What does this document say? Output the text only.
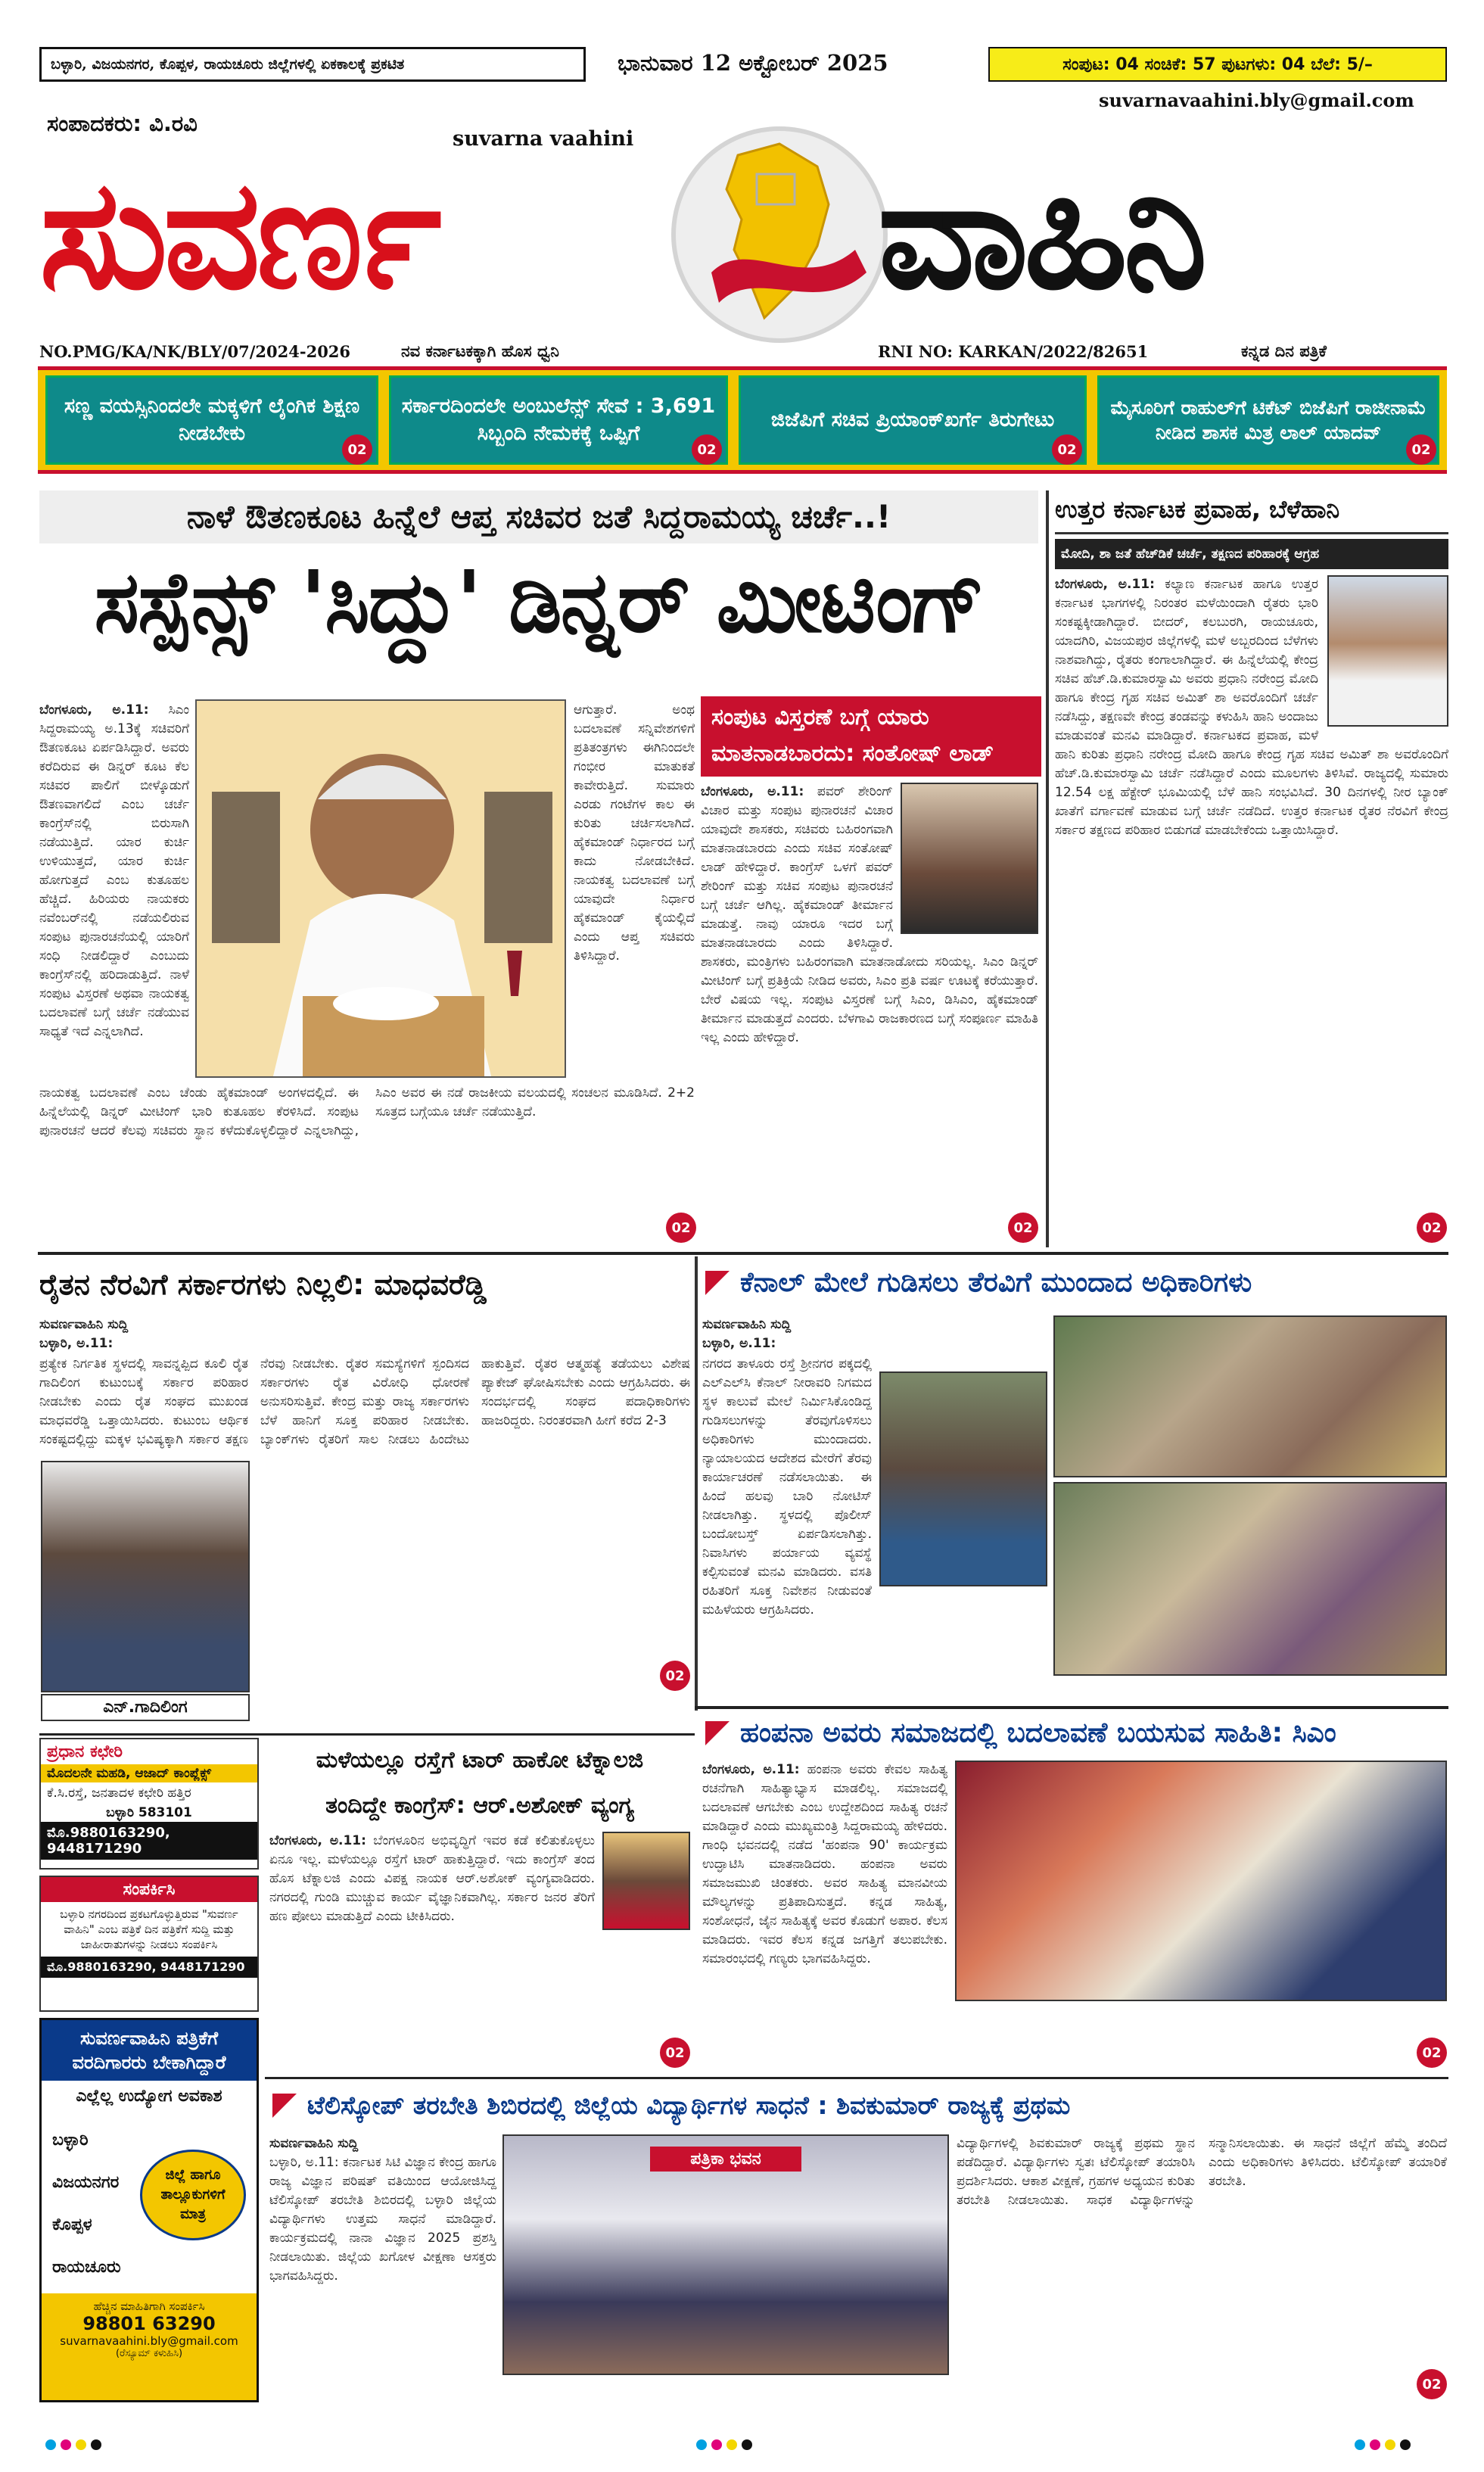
ಬಳ್ಳಾರಿ, ವಿಜಯನಗರ, ಕೊಪ್ಪಳ, ರಾಯಚೂರು ಜಿಲ್ಲೆಗಳಲ್ಲಿ ಏಕಕಾಲಕ್ಕೆ ಪ್ರಕಟಿತ	ಭಾನುವಾರ 12 ಅಕ್ಟೋಬರ್ 2025	ಸಂಪುಟ: 04 ಸಂಚಿಕೆ: 57 ಪುಟಗಳು: 04 ಬೆಲೆ: 5/–
suvarnavaahini.bly@gmail.com
ಸಂಪಾದಕರು: ವಿ.ರವಿ
suvarna vaahini
ಸುವರ್ಣ	ವಾಹಿನಿ
NO.PMG/KA/NK/BLY/07/2024-2026	ನವ ಕರ್ನಾಟಕಕ್ಕಾಗಿ ಹೊಸ ಧ್ವನಿ	RNI NO: KARKAN/2022/82651	ಕನ್ನಡ ದಿನ ಪತ್ರಿಕೆ
ಸಣ್ಣ ವಯಸ್ಸಿನಿಂದಲೇ ಮಕ್ಕಳಿಗೆ ಲೈಂಗಿಕ ಶಿಕ್ಷಣ ನೀಡಬೇಕು
02
ಸರ್ಕಾರದಿಂದಲೇ ಅಂಬುಲೆನ್ಸ್ ಸೇವೆ : 3,691 ಸಿಬ್ಬಂದಿ ನೇಮಕಕ್ಕೆ ಒಪ್ಪಿಗೆ
02
ಜಿಜೆಪಿಗೆ ಸಚಿವ ಪ್ರಿಯಾಂಕ್‌ಖರ್ಗೆ ತಿರುಗೇಟು
02
ಮೈಸೂರಿಗೆ ರಾಹುಲ್‌ಗೆ ಟಿಕೆಟ್ ಬಿಜೆಪಿಗೆ ರಾಜೀನಾಮೆ ನೀಡಿದ ಶಾಸಕ ಮಿತ್ರ ಲಾಲ್ ಯಾದವ್
02
ನಾಳೆ ಔತಣಕೂಟ ಹಿನ್ನೆಲೆ ಆಪ್ತ ಸಚಿವರ ಜತೆ ಸಿದ್ದರಾಮಯ್ಯ ಚರ್ಚೆ..!
ಸಸ್ಪೆನ್ಸ್ 'ಸಿದ್ದು' ಡಿನ್ನರ್ ಮೀಟಿಂಗ್
ಬೆಂಗಳೂರು, ಅ.11: ಸಿಎಂ ಸಿದ್ದರಾಮಯ್ಯ ಅ.13ಕ್ಕೆ ಸಚಿವರಿಗೆ ಔತಣಕೂಟ ಏರ್ಪಡಿಸಿದ್ದಾರೆ. ಅವರು ಕರೆದಿರುವ ಈ ಡಿನ್ನರ್ ಕೂಟ ಕೆಲ ಸಚಿವರ ಪಾಲಿಗೆ ಬೀಳ್ಕೊಡುಗೆ ಔತಣವಾಗಲಿದೆ ಎಂಬ ಚರ್ಚೆ ಕಾಂಗ್ರೆಸ್‌ನಲ್ಲಿ ಬಿರುಸಾಗಿ ನಡೆಯುತ್ತಿದೆ. ಯಾರ ಕುರ್ಚಿ ಉಳಿಯುತ್ತದೆ, ಯಾರ ಕುರ್ಚಿ ಹೋಗುತ್ತದೆ ಎಂಬ ಕುತೂಹಲ ಹೆಚ್ಚಿದೆ. ಹಿರಿಯರು ನಾಯಕರು ನವೆಂಬರ್‌ನಲ್ಲಿ ನಡೆಯಲಿರುವ ಸಂಪುಟ ಪುನಾರಚನೆಯಲ್ಲಿ ಯಾರಿಗೆ ಸಂಧಿ ನೀಡಲಿದ್ದಾರೆ ಎಂಬುದು ಕಾಂಗ್ರೆಸ್‌ನಲ್ಲಿ ಹರಿದಾಡುತ್ತಿದೆ. ನಾಳೆ ಸಂಪುಟ ವಿಸ್ತರಣೆ ಅಥವಾ ನಾಯಕತ್ವ ಬದಲಾವಣೆ ಬಗ್ಗೆ ಚರ್ಚೆ ನಡೆಯುವ ಸಾಧ್ಯತೆ ಇದೆ ಎನ್ನಲಾಗಿದೆ.
ಆಗುತ್ತಾರೆ. ಅಂಥ ಬದಲಾವಣೆ ಸನ್ನಿವೇಶಗಳಿಗೆ ಪ್ರತಿತಂತ್ರಗಳು ಈಗಿನಿಂದಲೇ ಗಂಭೀರ ಮಾತುಕತೆ ಕಾವೇರುತ್ತಿದೆ. ಸುಮಾರು ಎರಡು ಗಂಟೆಗಳ ಕಾಲ ಈ ಕುರಿತು ಚರ್ಚಿಸಲಾಗಿದೆ. ಹೈಕಮಾಂಡ್ ನಿರ್ಧಾರದ ಬಗ್ಗೆ ಕಾದು ನೋಡಬೇಕಿದೆ. ನಾಯಕತ್ವ ಬದಲಾವಣೆ ಬಗ್ಗೆ ಯಾವುದೇ ನಿರ್ಧಾರ ಹೈಕಮಾಂಡ್ ಕೈಯಲ್ಲಿದೆ ಎಂದು ಆಪ್ತ ಸಚಿವರು ತಿಳಿಸಿದ್ದಾರೆ.
ನಾಯಕತ್ವ ಬದಲಾವಣೆ ಎಂಬ ಚೆಂಡು ಹೈಕಮಾಂಡ್ ಅಂಗಳದಲ್ಲಿದೆ. ಈ ಹಿನ್ನೆಲೆಯಲ್ಲಿ ಡಿನ್ನರ್ ಮೀಟಿಂಗ್ ಭಾರಿ ಕುತೂಹಲ ಕೆರಳಿಸಿದೆ. ಸಂಪುಟ ಪುನಾರಚನೆ ಆದರೆ ಕೆಲವು ಸಚಿವರು ಸ್ಥಾನ ಕಳೆದುಕೊಳ್ಳಲಿದ್ದಾರೆ ಎನ್ನಲಾಗಿದ್ದು, ಸಿಎಂ ಅವರ ಈ ನಡೆ ರಾಜಕೀಯ ವಲಯದಲ್ಲಿ ಸಂಚಲನ ಮೂಡಿಸಿದೆ. 2+2 ಸೂತ್ರದ ಬಗ್ಗೆಯೂ ಚರ್ಚೆ ನಡೆಯುತ್ತಿದೆ.
02
ಸಂಪುಟ ವಿಸ್ತರಣೆ ಬಗ್ಗೆ ಯಾರು ಮಾತನಾಡಬಾರದು: ಸಂತೋಷ್ ಲಾಡ್
ಬೆಂಗಳೂರು, ಅ.11: ಪವರ್ ಶೇರಿಂಗ್ ವಿಚಾರ ಮತ್ತು ಸಂಪುಟ ಪುನಾರಚನೆ ವಿಚಾರ ಯಾವುದೇ ಶಾಸಕರು, ಸಚಿವರು ಬಹಿರಂಗವಾಗಿ ಮಾತನಾಡಬಾರದು ಎಂದು ಸಚಿವ ಸಂತೋಷ್ ಲಾಡ್ ಹೇಳಿದ್ದಾರೆ. ಕಾಂಗ್ರೆಸ್ ಒಳಗೆ ಪವರ್ ಶೇರಿಂಗ್ ಮತ್ತು ಸಚಿವ ಸಂಪುಟ ಪುನಾರಚನೆ ಬಗ್ಗೆ ಚರ್ಚೆ ಆಗಿಲ್ಲ. ಹೈಕಮಾಂಡ್ ತೀರ್ಮಾನ ಮಾಡುತ್ತೆ. ನಾವು ಯಾರೂ ಇದರ ಬಗ್ಗೆ ಮಾತನಾಡಬಾರದು ಎಂದು ತಿಳಿಸಿದ್ದಾರೆ. ಶಾಸಕರು, ಮಂತ್ರಿಗಳು ಬಹಿರಂಗವಾಗಿ ಮಾತನಾಡೋದು ಸರಿಯಲ್ಲ. ಸಿಎಂ ಡಿನ್ನರ್ ಮೀಟಿಂಗ್ ಬಗ್ಗೆ ಪ್ರತಿಕ್ರಿಯೆ ನೀಡಿದ ಅವರು, ಸಿಎಂ ಪ್ರತಿ ವರ್ಷ ಊಟಕ್ಕೆ ಕರೆಯುತ್ತಾರೆ. ಬೇರೆ ವಿಷಯ ಇಲ್ಲ. ಸಂಪುಟ ವಿಸ್ತರಣೆ ಬಗ್ಗೆ ಸಿಎಂ, ಡಿಸಿಎಂ, ಹೈಕಮಾಂಡ್ ತೀರ್ಮಾನ ಮಾಡುತ್ತದೆ ಎಂದರು. ಬೆಳಗಾವಿ ರಾಜಕಾರಣದ ಬಗ್ಗೆ ಸಂಪೂರ್ಣ ಮಾಹಿತಿ ಇಲ್ಲ ಎಂದು ಹೇಳಿದ್ದಾರೆ.
02
ಉತ್ತರ ಕರ್ನಾಟಕ ಪ್ರವಾಹ, ಬೆಳೆಹಾನಿ
ಮೋದಿ, ಶಾ ಜತೆ ಹೆಚ್‌ಡಿಕೆ ಚರ್ಚೆ, ತಕ್ಷಣದ ಪರಿಹಾರಕ್ಕೆ ಆಗ್ರಹ
ಬೆಂಗಳೂರು, ಅ.11: ಕಲ್ಯಾಣ ಕರ್ನಾಟಕ ಹಾಗೂ ಉತ್ತರ ಕರ್ನಾಟಕ ಭಾಗಗಳಲ್ಲಿ ನಿರಂತರ ಮಳೆಯಿಂದಾಗಿ ರೈತರು ಭಾರಿ ಸಂಕಷ್ಟಕ್ಕೀಡಾಗಿದ್ದಾರೆ. ಬೀದರ್, ಕಲಬುರಗಿ, ರಾಯಚೂರು, ಯಾದಗಿರಿ, ವಿಜಯಪುರ ಜಿಲ್ಲೆಗಳಲ್ಲಿ ಮಳೆ ಅಬ್ಬರದಿಂದ ಬೆಳೆಗಳು ನಾಶವಾಗಿದ್ದು, ರೈತರು ಕಂಗಾಲಾಗಿದ್ದಾರೆ. ಈ ಹಿನ್ನೆಲೆಯಲ್ಲಿ ಕೇಂದ್ರ ಸಚಿವ ಹೆಚ್.ಡಿ.ಕುಮಾರಸ್ವಾಮಿ ಅವರು ಪ್ರಧಾನಿ ನರೇಂದ್ರ ಮೋದಿ ಹಾಗೂ ಕೇಂದ್ರ ಗೃಹ ಸಚಿವ ಅಮಿತ್ ಶಾ ಅವರೊಂದಿಗೆ ಚರ್ಚೆ ನಡೆಸಿದ್ದು, ತಕ್ಷಣವೇ ಕೇಂದ್ರ ತಂಡವನ್ನು ಕಳುಹಿಸಿ ಹಾನಿ ಅಂದಾಜು ಮಾಡುವಂತೆ ಮನವಿ ಮಾಡಿದ್ದಾರೆ. ಕರ್ನಾಟಕದ ಪ್ರವಾಹ, ಮಳೆ ಹಾನಿ ಕುರಿತು ಪ್ರಧಾನಿ ನರೇಂದ್ರ ಮೋದಿ ಹಾಗೂ ಕೇಂದ್ರ ಗೃಹ ಸಚಿವ ಅಮಿತ್ ಶಾ ಅವರೊಂದಿಗೆ ಹೆಚ್.ಡಿ.ಕುಮಾರಸ್ವಾಮಿ ಚರ್ಚೆ ನಡೆಸಿದ್ದಾರೆ ಎಂದು ಮೂಲಗಳು ತಿಳಿಸಿವೆ. ರಾಜ್ಯದಲ್ಲಿ ಸುಮಾರು 12.54 ಲಕ್ಷ ಹೆಕ್ಟೇರ್ ಭೂಮಿಯಲ್ಲಿ ಬೆಳೆ ಹಾನಿ ಸಂಭವಿಸಿದೆ. 30 ದಿನಗಳಲ್ಲಿ ನೀರ ಬ್ಯಾಂಕ್ ಖಾತೆಗೆ ವರ್ಗಾವಣೆ ಮಾಡುವ ಬಗ್ಗೆ ಚರ್ಚೆ ನಡೆದಿದೆ. ಉತ್ತರ ಕರ್ನಾಟಕ ರೈತರ ನೆರವಿಗೆ ಕೇಂದ್ರ ಸರ್ಕಾರ ತಕ್ಷಣದ ಪರಿಹಾರ ಬಿಡುಗಡೆ ಮಾಡಬೇಕೆಂದು ಒತ್ತಾಯಿಸಿದ್ದಾರೆ.
02
ರೈತನ ನೆರವಿಗೆ ಸರ್ಕಾರಗಳು ನಿಲ್ಲಲಿ: ಮಾಧವರೆಡ್ಡಿ
ಸುವರ್ಣವಾಹಿನಿ ಸುದ್ದಿ
ಬಳ್ಳಾರಿ, ಅ.11:
ಪ್ರತ್ಯೇಕ ನಿರ್ಗತಿಕ ಸ್ಥಳದಲ್ಲಿ ಸಾವನ್ನಪ್ಪಿದ ಕೂಲಿ ರೈತ ಗಾದಿಲಿಂಗ ಕುಟುಂಬಕ್ಕೆ ಸರ್ಕಾರ ಪರಿಹಾರ ನೀಡಬೇಕು ಎಂದು ರೈತ ಸಂಘದ ಮುಖಂಡ ಮಾಧವರೆಡ್ಡಿ ಒತ್ತಾಯಿಸಿದರು. ಕುಟುಂಬ ಆರ್ಥಿಕ ಸಂಕಷ್ಟದಲ್ಲಿದ್ದು ಮಕ್ಕಳ ಭವಿಷ್ಯಕ್ಕಾಗಿ ಸರ್ಕಾರ ತಕ್ಷಣ ನೆರವು ನೀಡಬೇಕು. ರೈತರ ಸಮಸ್ಯೆಗಳಿಗೆ ಸ್ಪಂದಿಸದ ಸರ್ಕಾರಗಳು ರೈತ ವಿರೋಧಿ ಧೋರಣೆ ಅನುಸರಿಸುತ್ತಿವೆ. ಕೇಂದ್ರ ಮತ್ತು ರಾಜ್ಯ ಸರ್ಕಾರಗಳು ಬೆಳೆ ಹಾನಿಗೆ ಸೂಕ್ತ ಪರಿಹಾರ ನೀಡಬೇಕು. ಬ್ಯಾಂಕ್‌ಗಳು ರೈತರಿಗೆ ಸಾಲ ನೀಡಲು ಹಿಂದೇಟು ಹಾಕುತ್ತಿವೆ. ರೈತರ ಆತ್ಮಹತ್ಯೆ ತಡೆಯಲು ವಿಶೇಷ ಪ್ಯಾಕೇಜ್ ಘೋಷಿಸಬೇಕು ಎಂದು ಆಗ್ರಹಿಸಿದರು. ಈ ಸಂದರ್ಭದಲ್ಲಿ ಸಂಘದ ಪದಾಧಿಕಾರಿಗಳು ಹಾಜರಿದ್ದರು. ನಿರಂತರವಾಗಿ ಹೀಗೆ ಕರೆದ 2-3
ಎನ್.ಗಾದಿಲಿಂಗ
02
ಕೆನಾಲ್ ಮೇಲೆ ಗುಡಿಸಲು ತೆರವಿಗೆ ಮುಂದಾದ ಅಧಿಕಾರಿಗಳು
ಸುವರ್ಣವಾಹಿನಿ ಸುದ್ದಿ
ಬಳ್ಳಾರಿ, ಅ.11:
ನಗರದ ತಾಳೂರು ರಸ್ತೆ ಶ್ರೀನಗರ ಪಕ್ಕದಲ್ಲಿ ಎಲ್‌ಎಲ್‌ಸಿ ಕೆನಾಲ್ ನೀರಾವರಿ ನಿಗಮದ ಸ್ಥಳ ಕಾಲುವೆ ಮೇಲೆ ನಿರ್ಮಿಸಿಕೊಂಡಿದ್ದ ಗುಡಿಸಲುಗಳನ್ನು ತೆರವುಗೊಳಿಸಲು ಅಧಿಕಾರಿಗಳು ಮುಂದಾದರು. ನ್ಯಾಯಾಲಯದ ಆದೇಶದ ಮೇರೆಗೆ ತೆರವು ಕಾರ್ಯಾಚರಣೆ ನಡೆಸಲಾಯಿತು. ಈ ಹಿಂದೆ ಹಲವು ಬಾರಿ ನೋಟಿಸ್ ನೀಡಲಾಗಿತ್ತು. ಸ್ಥಳದಲ್ಲಿ ಪೊಲೀಸ್ ಬಂದೋಬಸ್ತ್ ಏರ್ಪಡಿಸಲಾಗಿತ್ತು. ನಿವಾಸಿಗಳು ಪರ್ಯಾಯ ವ್ಯವಸ್ಥೆ ಕಲ್ಪಿಸುವಂತೆ ಮನವಿ ಮಾಡಿದರು. ವಸತಿ ರಹಿತರಿಗೆ ಸೂಕ್ತ ನಿವೇಶನ ನೀಡುವಂತೆ ಮಹಿಳೆಯರು ಆಗ್ರಹಿಸಿದರು.
ಹಂಪನಾ ಅವರು ಸಮಾಜದಲ್ಲಿ ಬದಲಾವಣೆ ಬಯಸುವ ಸಾಹಿತಿ: ಸಿಎಂ
ಬೆಂಗಳೂರು, ಅ.11: ಹಂಪನಾ ಅವರು ಕೇವಲ ಸಾಹಿತ್ಯ ರಚನೆಗಾಗಿ ಸಾಹಿತ್ಯಾಭ್ಯಾಸ ಮಾಡಲಿಲ್ಲ. ಸಮಾಜದಲ್ಲಿ ಬದಲಾವಣೆ ಆಗಬೇಕು ಎಂಬ ಉದ್ದೇಶದಿಂದ ಸಾಹಿತ್ಯ ರಚನೆ ಮಾಡಿದ್ದಾರೆ ಎಂದು ಮುಖ್ಯಮಂತ್ರಿ ಸಿದ್ದರಾಮಯ್ಯ ಹೇಳಿದರು. ಗಾಂಧಿ ಭವನದಲ್ಲಿ ನಡೆದ 'ಹಂಪನಾ 90' ಕಾರ್ಯಕ್ರಮ ಉದ್ಘಾಟಿಸಿ ಮಾತನಾಡಿದರು. ಹಂಪನಾ ಅವರು ಸಮಾಜಮುಖಿ ಚಿಂತಕರು. ಅವರ ಸಾಹಿತ್ಯ ಮಾನವೀಯ ಮೌಲ್ಯಗಳನ್ನು ಪ್ರತಿಪಾದಿಸುತ್ತದೆ. ಕನ್ನಡ ಸಾಹಿತ್ಯ, ಸಂಶೋಧನೆ, ಜೈನ ಸಾಹಿತ್ಯಕ್ಕೆ ಅವರ ಕೊಡುಗೆ ಅಪಾರ. ಕೆಲಸ ಮಾಡಿದರು. ಇವರ ಕೆಲಸ ಕನ್ನಡ ಜಗತ್ತಿಗೆ ತಲುಪಬೇಕು. ಸಮಾರಂಭದಲ್ಲಿ ಗಣ್ಯರು ಭಾಗವಹಿಸಿದ್ದರು.
02
ಮಳೆಯಲ್ಲೂ ರಸ್ತೆಗೆ ಟಾರ್ ಹಾಕೋ ಟೆಕ್ನಾಲಜಿ
ತಂದಿದ್ದೇ ಕಾಂಗ್ರೆಸ್: ಆರ್.ಅಶೋಕ್ ವ್ಯಂಗ್ಯ
ಬೆಂಗಳೂರು, ಅ.11: ಬೆಂಗಳೂರಿನ ಅಭಿವೃದ್ಧಿಗೆ ಇವರ ಕಡೆ ಕಲಿತುಕೊಳ್ಳಲು ಏನೂ ಇಲ್ಲ. ಮಳೆಯಲ್ಲೂ ರಸ್ತೆಗೆ ಟಾರ್ ಹಾಕುತ್ತಿದ್ದಾರೆ. ಇದು ಕಾಂಗ್ರೆಸ್ ತಂದ ಹೊಸ ಟೆಕ್ನಾಲಜಿ ಎಂದು ವಿಪಕ್ಷ ನಾಯಕ ಆರ್.ಅಶೋಕ್ ವ್ಯಂಗ್ಯವಾಡಿದರು. ನಗರದಲ್ಲಿ ಗುಂಡಿ ಮುಚ್ಚುವ ಕಾರ್ಯ ವೈಜ್ಞಾನಿಕವಾಗಿಲ್ಲ. ಸರ್ಕಾರ ಜನರ ತೆರಿಗೆ ಹಣ ಪೋಲು ಮಾಡುತ್ತಿದೆ ಎಂದು ಟೀಕಿಸಿದರು.
02
ಪ್ರಧಾನ ಕಛೇರಿ
ಮೊದಲನೇ ಮಹಡಿ, ಆಜಾದ್ ಕಾಂಪ್ಲೆಕ್ಸ್
ಕೆ.ಸಿ.ರಸ್ತೆ, ಜನತಾದಳ ಕಛೇರಿ ಹತ್ತಿರ
ಬಳ್ಳಾರಿ 583101
ಮೊ.9880163290, 9448171290
ಸಂಪರ್ಕಿಸಿ
ಬಳ್ಳಾರಿ ನಗರದಿಂದ ಪ್ರಕಟಗೊಳ್ಳುತ್ತಿರುವ "ಸುವರ್ಣ ವಾಹಿನಿ" ಎಂಬ ಪತ್ರಿಕೆ ದಿನ ಪತ್ರಿಕೆಗೆ ಸುದ್ದಿ ಮತ್ತು ಜಾಹೀರಾತುಗಳನ್ನು ನೀಡಲು ಸಂಪರ್ಕಿಸಿ
ಮೊ.9880163290, 9448171290
ಸುವರ್ಣವಾಹಿನಿ ಪತ್ರಿಕೆಗೆ
ವರದಿಗಾರರು ಬೇಕಾಗಿದ್ದಾರೆ
ಎಲ್ಲೆಲ್ಲ ಉದ್ಯೋಗ ಅವಕಾಶ
ಬಳ್ಳಾರಿ
ವಿಜಯನಗರ
ಕೊಪ್ಪಳ
ರಾಯಚೂರು
ಜಿಲ್ಲೆ ಹಾಗೂ ತಾಲ್ಲೂಕುಗಳಿಗೆ ಮಾತ್ರ
ಹೆಚ್ಚಿನ ಮಾಹಿತಿಗಾಗಿ ಸಂಪರ್ಕಿಸಿ
98801 63290
suvarnavaahini.bly@gmail.com
(ರೆಸ್ಯೂಮ್ ಕಳುಹಿಸಿ)
ಟೆಲಿಸ್ಕೋಪ್ ತರಬೇತಿ ಶಿಬಿರದಲ್ಲಿ ಜಿಲ್ಲೆಯ ವಿದ್ಯಾರ್ಥಿಗಳ ಸಾಧನೆ : ಶಿವಕುಮಾರ್ ರಾಜ್ಯಕ್ಕೆ ಪ್ರಥಮ
ಸುವರ್ಣವಾಹಿನಿ ಸುದ್ದಿ
ಬಳ್ಳಾರಿ, ಅ.11: ಕರ್ನಾಟಕ ಸಿಟಿ ವಿಜ್ಞಾನ ಕೇಂದ್ರ ಹಾಗೂ ರಾಜ್ಯ ವಿಜ್ಞಾನ ಪರಿಷತ್ ವತಿಯಿಂದ ಆಯೋಜಿಸಿದ್ದ ಟೆಲಿಸ್ಕೋಪ್ ತರಬೇತಿ ಶಿಬಿರದಲ್ಲಿ ಬಳ್ಳಾರಿ ಜಿಲ್ಲೆಯ ವಿದ್ಯಾರ್ಥಿಗಳು ಉತ್ತಮ ಸಾಧನೆ ಮಾಡಿದ್ದಾರೆ. ಕಾರ್ಯಕ್ರಮದಲ್ಲಿ ನಾನಾ ವಿಜ್ಞಾನ 2025 ಪ್ರಶಸ್ತಿ ನೀಡಲಾಯಿತು. ಜಿಲ್ಲೆಯ ಖಗೋಳ ವೀಕ್ಷಣಾ ಆಸಕ್ತರು ಭಾಗವಹಿಸಿದ್ದರು.
ಪತ್ರಿಕಾ ಭವನ
ವಿದ್ಯಾರ್ಥಿಗಳಲ್ಲಿ ಶಿವಕುಮಾರ್ ರಾಜ್ಯಕ್ಕೆ ಪ್ರಥಮ ಸ್ಥಾನ ಪಡೆದಿದ್ದಾರೆ. ವಿದ್ಯಾರ್ಥಿಗಳು ಸ್ವತಃ ಟೆಲಿಸ್ಕೋಪ್ ತಯಾರಿಸಿ ಪ್ರದರ್ಶಿಸಿದರು. ಆಕಾಶ ವೀಕ್ಷಣೆ, ಗ್ರಹಗಳ ಅಧ್ಯಯನ ಕುರಿತು ತರಬೇತಿ ನೀಡಲಾಯಿತು. ಸಾಧಕ ವಿದ್ಯಾರ್ಥಿಗಳನ್ನು ಸನ್ಮಾನಿಸಲಾಯಿತು. ಈ ಸಾಧನೆ ಜಿಲ್ಲೆಗೆ ಹೆಮ್ಮೆ ತಂದಿದೆ ಎಂದು ಅಧಿಕಾರಿಗಳು ತಿಳಿಸಿದರು. ಟೆಲಿಸ್ಕೋಪ್ ತಯಾರಿಕೆ ತರಬೇತಿ.
02
